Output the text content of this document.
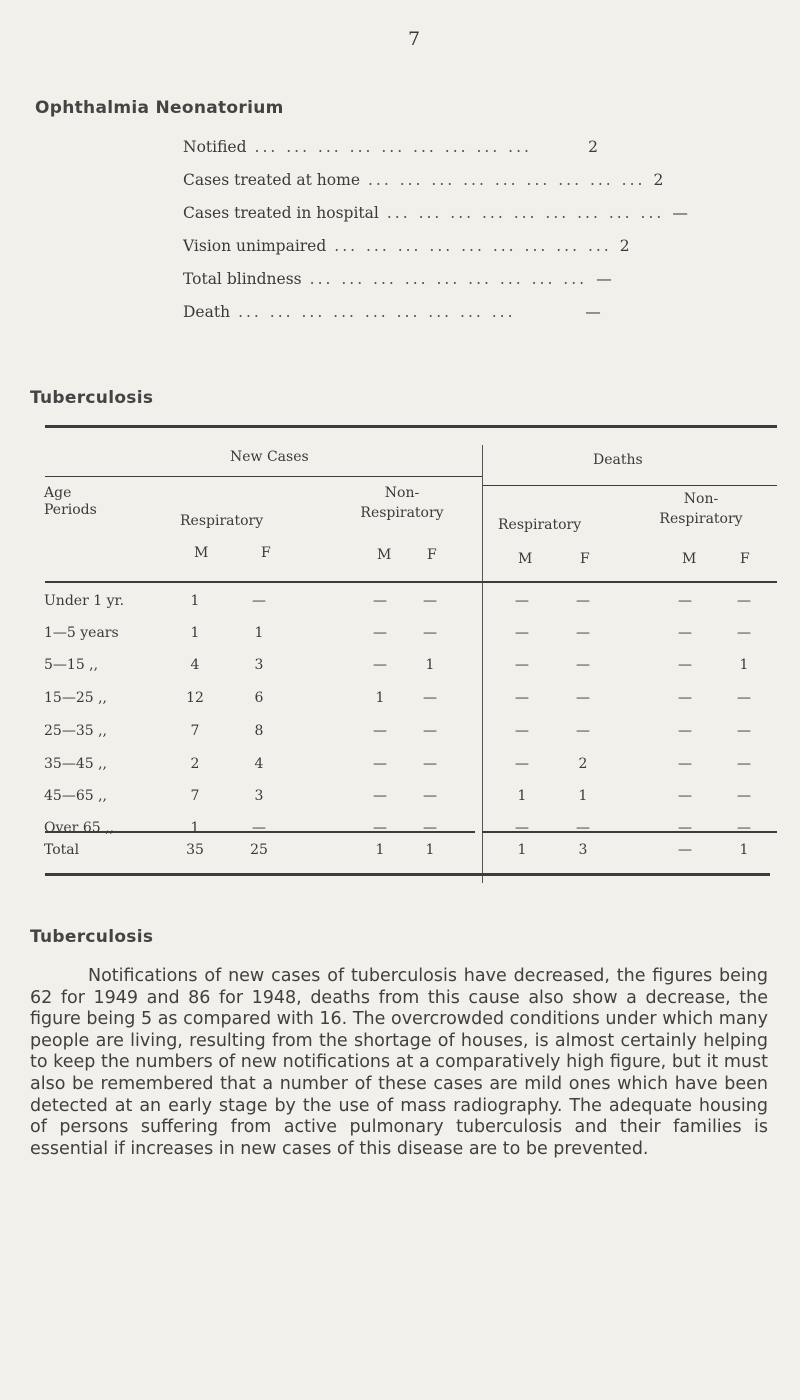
7
Ophthalmia Neonatorium
Notified ... ... ... ... ... ... ... ... ...	2
Cases treated at home ... ... ... ... ... ... ... ... ... 2
Cases treated in hospital ... ... ... ... ... ... ... ... ... —
Vision unimpaired ... ... ... ... ... ... ... ... ... 2
Total blindness ... ... ... ... ... ... ... ... ... —
Death ... ... ... ... ... ... ... ... ...	—
Tuberculosis
New Cases	Deaths
Age Periods
Respiratory
Non- Respiratory
Respiratory
Non- Respiratory
M	F	M	F	M	F	M	F
Under 1 yr.	1	—	—	—	—	—	—	—
1—5 years	1	1	—	—	—	—	—	—
5—15 ,,	4	3	—	1	—	—	—	1
15—25 ,,	12	6	1	—	—	—	—	—
25—35 ,,	7	8	—	—	—	—	—	—
35—45 ,,	2	4	—	—	—	2	—	—
45—65 ,,	7	3	—	—	1	1	—	—
Over 65 ,,	1	—	—	—	—	—	—	—
Total	35	25	1	1	1	3	—	1
Tuberculosis
Notifications of new cases of tuberculosis have decreased, the figures being 62 for 1949 and 86 for 1948, deaths from this cause also show a decrease, the figure being 5 as compared with 16. The overcrowded conditions under which many people are living, resulting from the shortage of houses, is almost certainly helping to keep the numbers of new notifications at a comparatively high figure, but it must also be remembered that a number of these cases are mild ones which have been detected at an early stage by the use of mass radiography. The adequate housing of persons suffering from active pulmonary tuberculosis and their families is essential if increases in new cases of this disease are to be prevented.
